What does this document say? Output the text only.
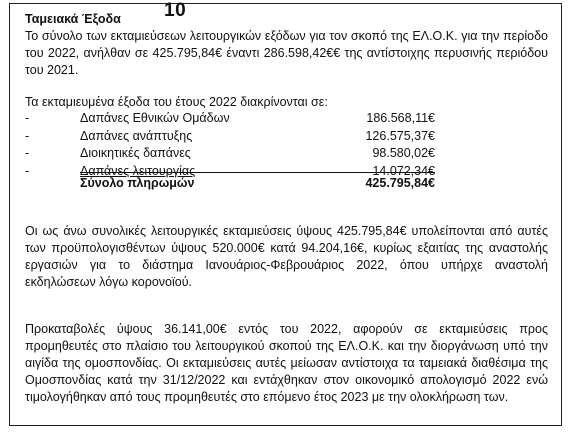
10
Ταμειακά Έξοδα
Το σύνολο των εκταμιεύσεων λειτουργικών εξόδων για τον σκοπό της ΕΛ.Ο.Κ. για την περίοδο του 2022, ανήλθαν σε 425.795,84€ έναντι 286.598,42€€ της αντίστοιχης περυσινής περιόδου του 2021.
Τα εκταμιευμένα έξοδα του έτους 2022 διακρίνονται σε:
-	Δαπάνες Εθνικών Ομάδων	186.568,11€
-	Δαπάνες ανάπτυξης	126.575,37€
-	Διοικητικές δαπάνες	98.580,02€
-	Δαπάνες λειτουργίας	14.072,34€
Σύνολο πληρωμών	425.795,84€
Οι ως άνω συνολικές λειτουργικές εκταμιεύσεις ύψους 425.795,84€ υπολείπονται από αυτές των προϋπολογισθέντων ύψους 520.000€ κατά 94.204,16€, κυρίως εξαιτίας της αναστολής εργασιών για το διάστημα Ιανουάριος-Φεβρουάριος 2022, όπου υπήρχε αναστολή εκδηλώσεων λόγω κορονοϊού.
Προκαταβολές ύψους 36.141,00€ εντός του 2022, αφορούν σε εκταμιεύσεις προς προμηθευτές στο πλαίσιο του λειτουργικού σκοπού της ΕΛ.Ο.Κ. και την διοργάνωση υπό την αιγίδα της ομοσπονδίας. Οι εκταμιεύσεις αυτές μείωσαν αντίστοιχα τα ταμειακά διαθέσιμα της Ομοσπονδίας κατά την 31/12/2022 και εντάχθηκαν στον οικονομικό απολογισμό 2022 ενώ τιμολογήθηκαν από τους προμηθευτές στο επόμενο έτος 2023 με την ολοκλήρωση των.
